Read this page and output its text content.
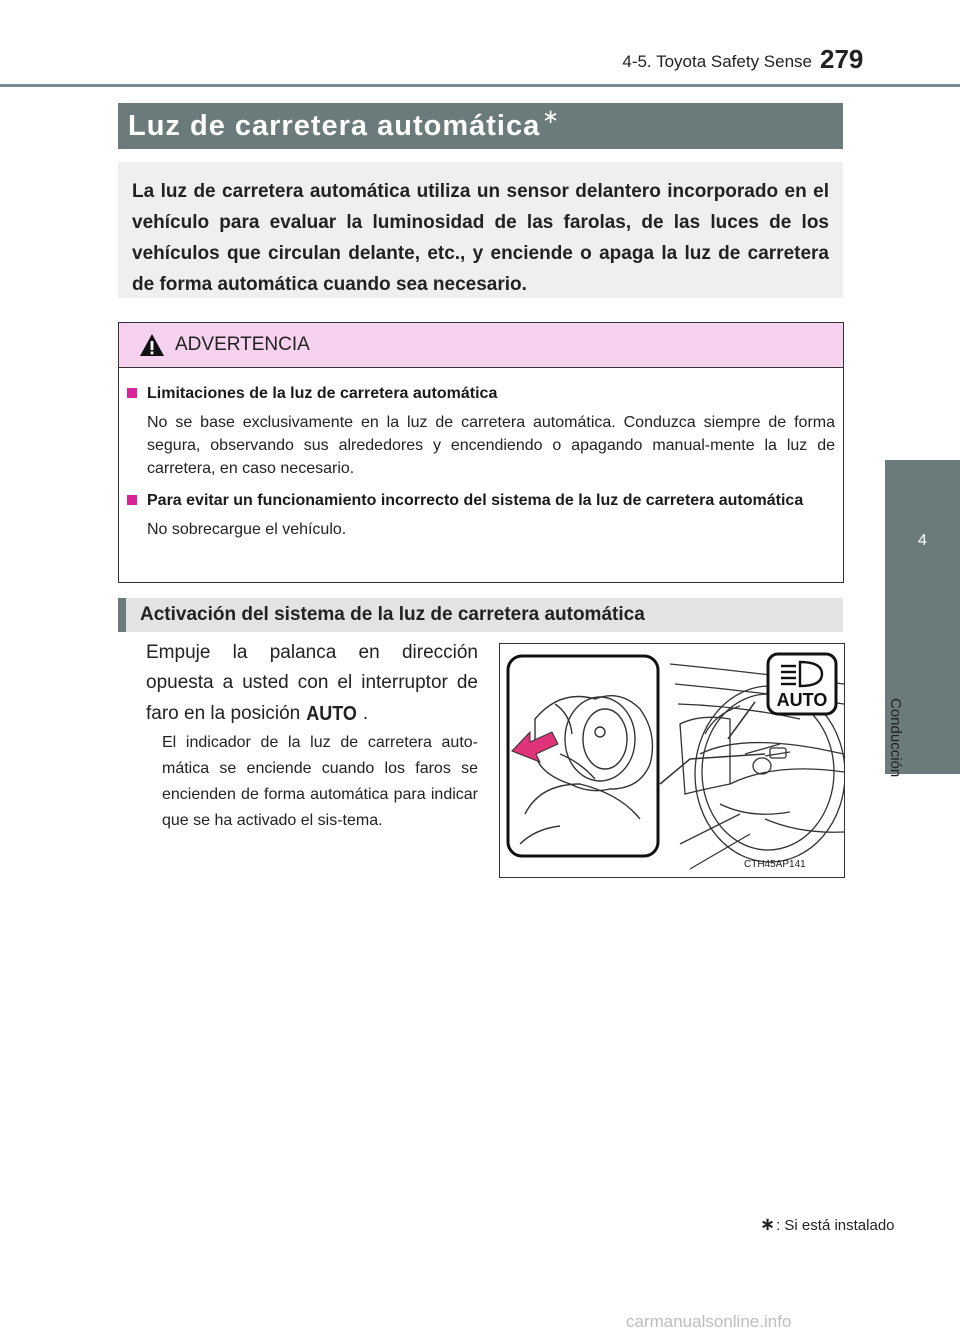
4-5. Toyota Safety Sense 279
4
Conducción
Luz de carretera automática ∗

La luz de carretera automática utiliza un sensor delantero incorporado en el vehículo para evaluar la luminosidad de las farolas, de las luces de los vehículos que circulan delante, etc., y enciende o apaga la luz de carretera de forma automática cuando sea necesario.

ADVERTENCIA

Limitaciones de la luz de carretera automática

No se base exclusivamente en la luz de carretera automática. Conduzca siempre de forma segura, observando sus alrededores y encendiendo o apagando manual-mente la luz de carretera, en caso necesario.

Para evitar un funcionamiento incorrecto del sistema de la luz de carretera automática

No sobrecargue el vehículo.

Activación del sistema de la luz de carretera automática
Empuje la palanca en dirección opuesta a usted con el interruptor de faro en la posición AUTO .
El indicador de la luz de carretera auto-mática se enciende cuando los faros se encienden de forma automática para indicar que se ha activado el sis-tema.
AUTO
CTH45AP141
∗: Si está instalado
carmanualsonline.info
